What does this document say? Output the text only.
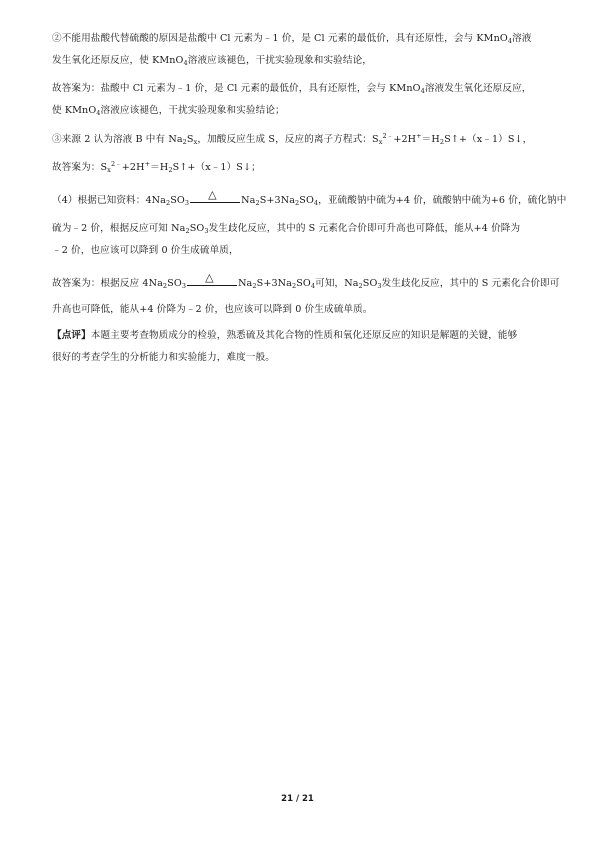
②不能用盐酸代替硫酸的原因是盐酸中 Cl 元素为﹣1 价，是 Cl 元素的最低价，具有还原性，会与 KMnO$_4$溶液
发生氧化还原反应，使 KMnO$_4$溶液应该褪色，干扰实验现象和实验结论，
故答案为：盐酸中 Cl 元素为﹣1 价，是 Cl 元素的最低价，具有还原性，会与 KMnO$_4$溶液发生氧化还原反应，
使 KMnO$_4$溶液应该褪色，干扰实验现象和实验结论；
③来源 2 认为溶液 B 中有 $Na_2S_x$，加酸反应生成 S，反应的离子方程式：$S_x^{2﹣}+2H^+=H_2S↑+(x﹣1)S↓$，
故答案为：$S_x^{2﹣}+2H^+=H_2S↑+(x﹣1)S↓$；
（4）根据已知资料：$4Na_2SO_3$
△	$Na_2S+3Na_2SO_4$，亚硫酸钠中硫为+4 价，硫酸钠中硫为+6 价，硫化钠中
硫为﹣2 价，根据反应可知 $Na_2SO_3$发生歧化反应，其中的 S 元素化合价即可升高也可降低，能从+4 价降为
﹣2 价，也应该可以降到 0 价生成硫单质，
故答案为：根据反应 $4Na_2SO_3$
△	$Na_2S+3Na_2SO_4$可知，$Na_2SO_3$发生歧化反应，其中的 S 元素化合价即可
升高也可降低，能从+4 价降为﹣2 价，也应该可以降到 0 价生成硫单质。
【点评】本题主要考查物质成分的检验，熟悉硫及其化合物的性质和氧化还原反应的知识是解题的关键，能够
很好的考查学生的分析能力和实验能力，难度一般。
21 / 21
